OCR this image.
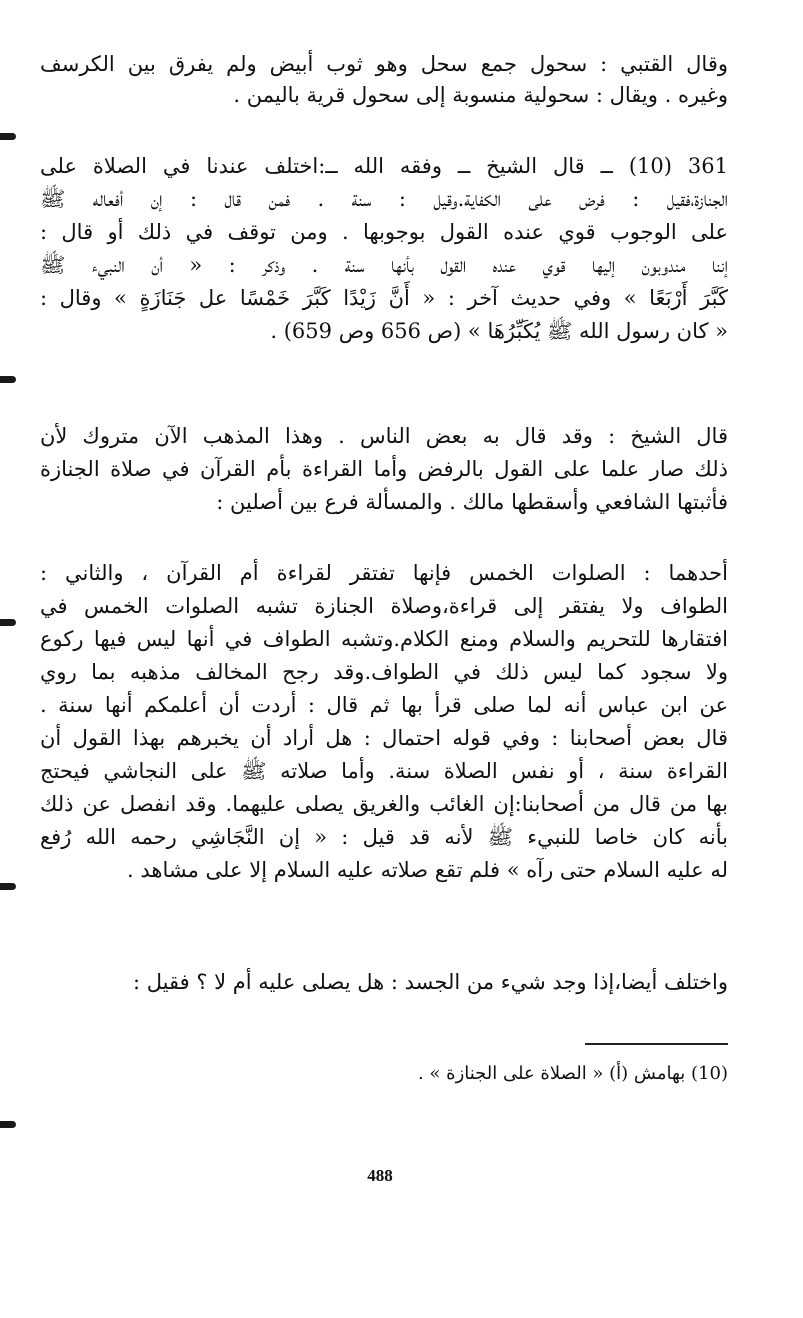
وقال القتبي : سحول جمع سحل وهو ثوب أبيض ولم يفرق بين الكرسف
وغيره . ويقال : سحولية منسوبة إلى سحول قرية باليمن .
361 (10) ــ قال الشيخ ــ وفقه الله ــ:اختلف عندنا في الصلاة على
الجنازة،فقيل : فرض على الكفاية.وقيل : سنة . فمن قال : إن أفعاله ﷺ
على الوجوب قوي عنده القول بوجوبها . ومن توقف في ذلك أو قال :
إننا مندوبون إليها قوي عنده القول بأنها سنة . وذكر : « أن النبيء ﷺ
كَبَّرَ أَرْبَعًا » وفي حديث آخر : « أَنَّ زَيْدًا كَبَّرَ خَمْسًا عل جَنَازَةٍ » وقال :
« كان رسول الله ﷺ يُكَبِّرُهَا » (ص 656 وص 659) .
قال الشيخ : وقد قال به بعض الناس . وهذا المذهب الآن متروك لأن
ذلك صار علما على القول بالرفض وأما القراءة بأم القرآن في صلاة الجنازة
فأثبتها الشافعي وأسقطها مالك . والمسألة فرع بين أصلين :
أحدهما : الصلوات الخمس فإنها تفتقر لقراءة أم القرآن ، والثاني :
الطواف ولا يفتقر إلى قراءة،وصلاة الجنازة تشبه الصلوات الخمس في
افتقارها للتحريم والسلام ومنع الكلام.وتشبه الطواف في أنها ليس فيها ركوع
ولا سجود كما ليس ذلك في الطواف.وقد رجح المخالف مذهبه بما روي
عن ابن عباس أنه لما صلى قرأ بها ثم قال : أردت أن أعلمكم أنها سنة .
قال بعض أصحابنا : وفي قوله احتمال : هل أراد أن يخبرهم بهذا القول أن
القراءة سنة ، أو نفس الصلاة سنة. وأما صلاته ﷺ على النجاشي فيحتج
بها من قال من أصحابنا:إن الغائب والغريق يصلى عليهما. وقد انفصل عن ذلك
بأنه كان خاصا للنبيء ﷺ لأنه قد قيل : « إن النَّجَاشِي رحمه الله رُفع
له عليه السلام حتى رآه » فلم تقع صلاته عليه السلام إلا على مشاهد .
واختلف أيضا،إذا وجد شيء من الجسد : هل يصلى عليه أم لا ؟ فقيل :
(10) بهامش (أ) « الصلاة على الجنازة » .
488
